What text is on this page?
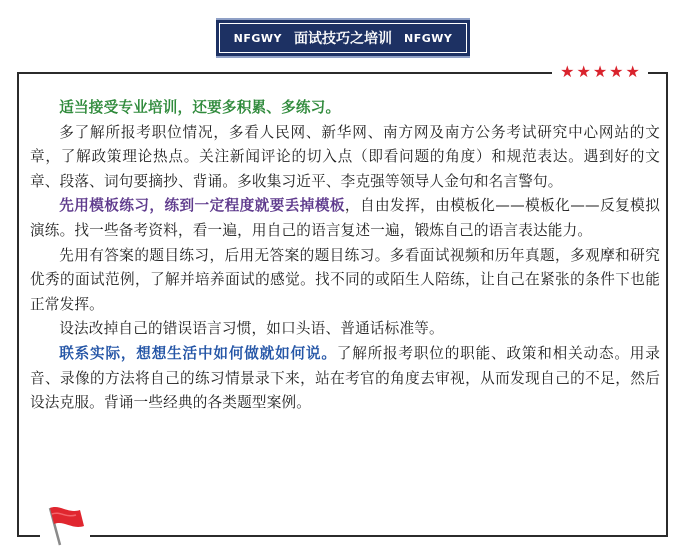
NFGWY 面试技巧之培训 NFGWY
★ ★ ★ ★ ★

适当接受专业培训，还要多积累、多练习。

多了解所报考职位情况，多看人民网、新华网、南方网及南方公务考试研究中心网站的文章，了解政策理论热点。关注新闻评论的切入点（即看问题的角度）和规范表达。遇到好的文章、段落、词句要摘抄、背诵。多收集习近平、李克强等领导人金句和名言警句。

先用模板练习，练到一定程度就要丢掉模板，自由发挥，由模板化——模板化——反复模拟演练。找一些备考资料，看一遍，用自己的语言复述一遍，锻炼自己的语言表达能力。

先用有答案的题目练习，后用无答案的题目练习。多看面试视频和历年真题，多观摩和研究优秀的面试范例，了解并培养面试的感觉。找不同的或陌生人陪练，让自己在紧张的条件下也能正常发挥。

设法改掉自己的错误语言习惯，如口头语、普通话标准等。

联系实际，想想生活中如何做就如何说。了解所报考职位的职能、政策和相关动态。用录音、录像的方法将自己的练习情景录下来，站在考官的角度去审视，从而发现自己的不足，然后设法克服。背诵一些经典的各类题型案例。
